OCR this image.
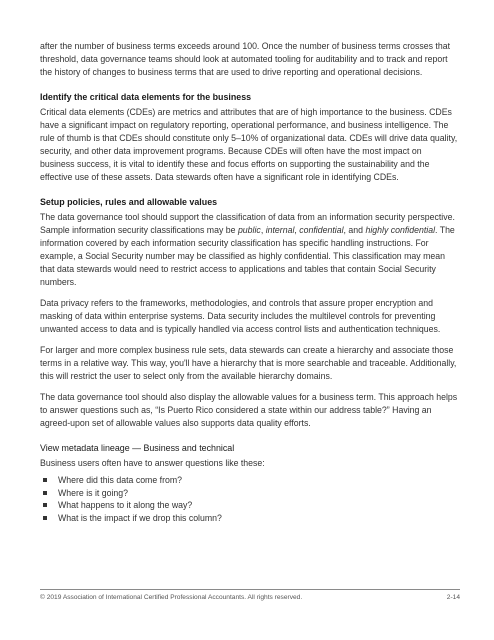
after the number of business terms exceeds around 100. Once the number of business terms crosses that threshold, data governance teams should look at automated tooling for auditability and to track and report the history of changes to business terms that are used to drive reporting and operational decisions.

Identify the critical data elements for the business

Critical data elements (CDEs) are metrics and attributes that are of high importance to the business. CDEs have a significant impact on regulatory reporting, operational performance, and business intelligence. The rule of thumb is that CDEs should constitute only 5–10% of organizational data. CDEs will drive data quality, security, and other data improvement programs. Because CDEs will often have the most impact on business success, it is vital to identify these and focus efforts on supporting the sustainability and the effective use of these assets. Data stewards often have a significant role in identifying CDEs.

Setup policies, rules and allowable values

The data governance tool should support the classification of data from an information security perspective. Sample information security classifications may be public, internal, confidential, and highly confidential. The information covered by each information security classification has specific handling instructions. For example, a Social Security number may be classified as highly confidential. This classification may mean that data stewards would need to restrict access to applications and tables that contain Social Security numbers.

Data privacy refers to the frameworks, methodologies, and controls that assure proper encryption and masking of data within enterprise systems. Data security includes the multilevel controls for preventing unwanted access to data and is typically handled via access control lists and authentication techniques.

For larger and more complex business rule sets, data stewards can create a hierarchy and associate those terms in a relative way. This way, you'll have a hierarchy that is more searchable and traceable. Additionally, this will restrict the user to select only from the available hierarchy domains.

The data governance tool should also display the allowable values for a business term. This approach helps to answer questions such as, “Is Puerto Rico considered a state within our address table?” Having an agreed-upon set of allowable values also supports data quality efforts.

View metadata lineage — Business and technical

Business users often have to answer questions like these:

Where did this data come from?
Where is it going?
What happens to it along the way?
What is the impact if we drop this column?
© 2019 Association of International Certified Professional Accountants. All rights reserved.	2-14
